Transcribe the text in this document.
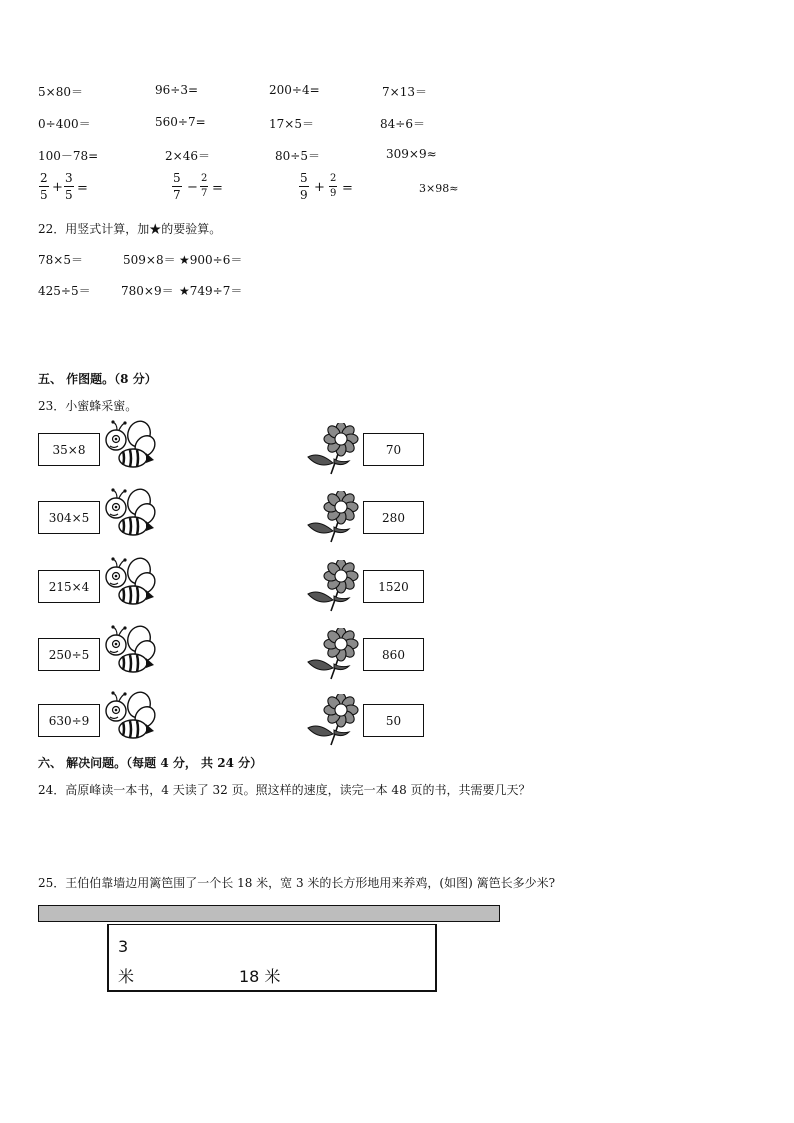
5×80＝	96÷3=	200÷4=	7×13＝
0÷400＝	560÷7=	17×5＝	84÷6＝
100－78=	2×46＝	80÷5＝	309×9≈
$\frac{2}{5} + \frac{3}{5}$ =	$\frac{5}{7} - \frac{2}{7}$ =	$\frac{5}{9} + \frac{2}{9}$ =	3×98≈
22．用竖式计算，加★的要验算。
78×5＝	509×8＝ ★900÷6＝
425÷5＝	780×9＝ ★749÷7＝
五、 作图题。（8 分）
23．小蜜蜂采蜜。
35×8	70
304×5	280
215×4	1520
250÷5	860
630÷9	50
六、 解决问题。（每题 4 分， 共 24 分）
24．高原峰读一本书，4 天读了 32 页。照这样的速度，读完一本 48 页的书，共需要几天？
25．王伯伯靠墙边用篱笆围了一个长 18 米，宽 3 米的长方形地用来养鸡，(如图) 篱笆长多少米?
3
米	18 米
